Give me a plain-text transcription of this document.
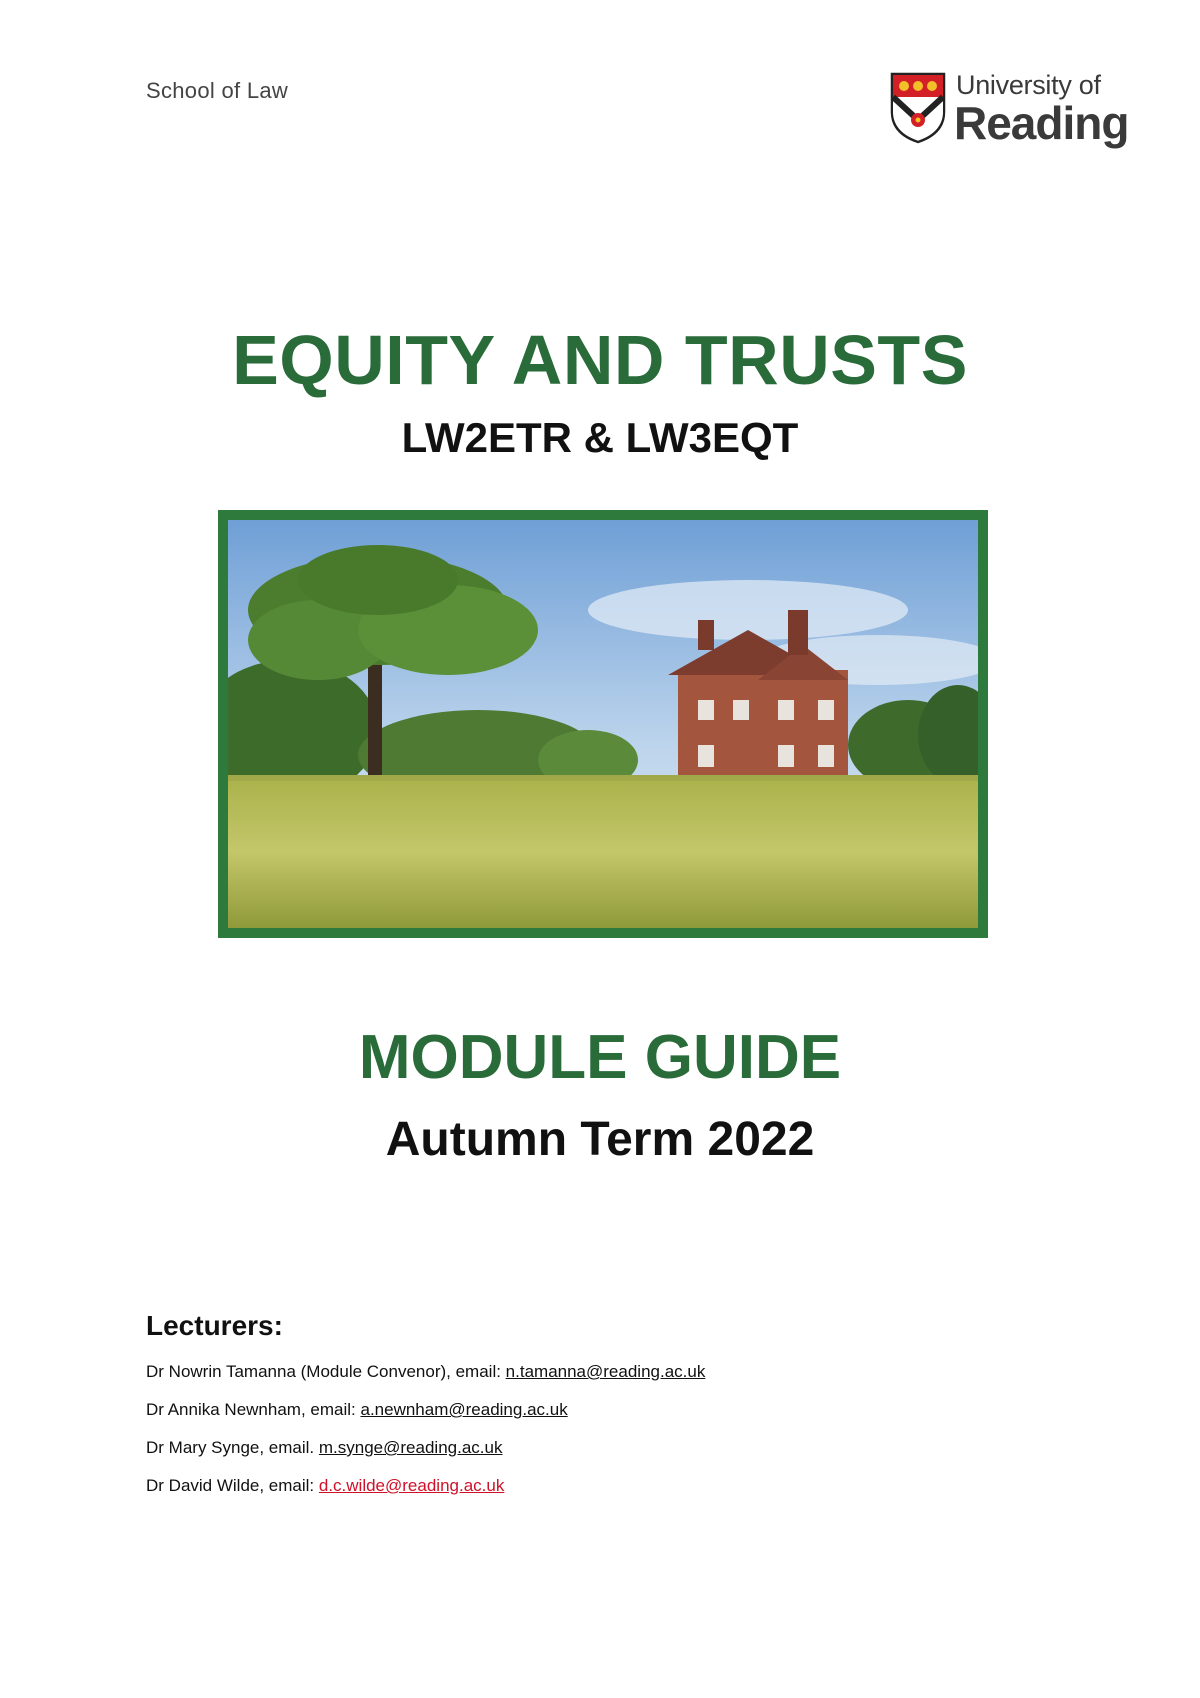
School of Law	University of
Reading
EQUITY AND TRUSTS
LW2ETR & LW3EQT
MODULE GUIDE
Autumn Term 2022
Lecturers:
Dr Nowrin Tamanna (Module Convenor), email: n.tamanna@reading.ac.uk
Dr Annika Newnham, email: a.newnham@reading.ac.uk
Dr Mary Synge, email. m.synge@reading.ac.uk
Dr David Wilde, email: d.c.wilde@reading.ac.uk
